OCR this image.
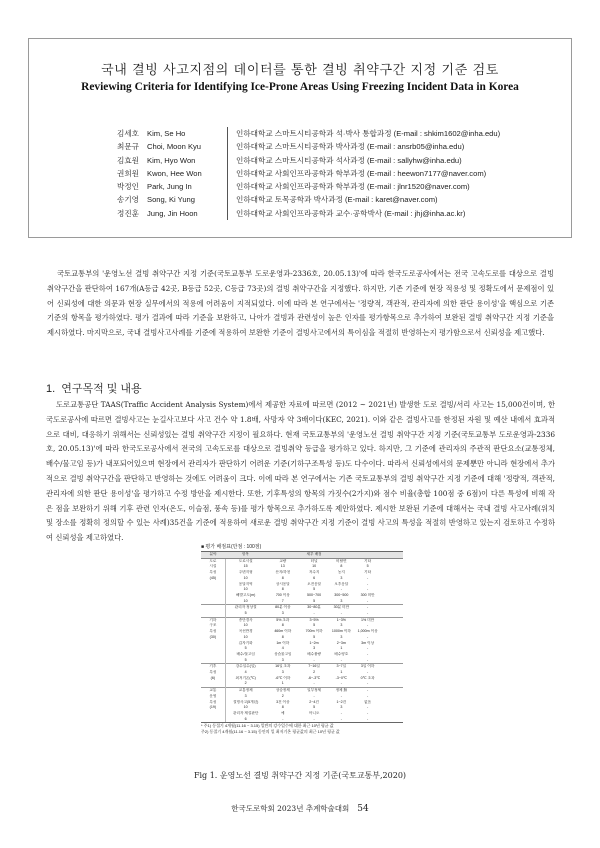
국내 결빙 사고지점의 데이터를 통한 결빙 취약구간 지정 기준 검토
Reviewing Criteria for Identifying Ice-Prone Areas Using Freezing Incident Data in Korea
김세호	Kim, Se Ho	인하대학교 스마트시티공학과 석·박사 통합과정 (E-mail : shkim1602@inha.edu)
최문규	Choi, Moon Kyu	인하대학교 스마트시티공학과 박사과정 (E-mail : ansrb05@inha.edu)
김효원	Kim, Hyo Won	인하대학교 스마트시티공학과 석사과정 (E-mail : sallyhw@inha.edu)
권희원	Kwon, Hee Won	인하대학교 사회인프라공학과 학부과정 (E-mail : heewon7177@naver.com)
박정인	Park, Jung In	인하대학교 사회인프라공학과 학부과정 (E-mail : jlnr1520@naver.com)
송기영	Song, Ki Yung	인하대학교 토목공학과 박사과정 (E-mail : karet@naver.com)
정진훈	Jung, Jin Hoon	인하대학교 사회인프라공학과 교수·공학박사 (E-mail : jhj@inha.ac.kr)

국토교통부의 '운영노선 결빙 취약구간 지정 기준(국토교통부 도로운영과-2336호, 20.05.13)'에 따라 한국도로공사에서는 전국 고속도로를 대상으로 결빙 취약구간을 판단하여 167개(A등급 42곳, B등급 52곳, C등급 73곳)의 결빙 취약구간을 지정했다. 하지만, 기존 기준에 현장 적용성 및 정확도에서 문제점이 있어 신뢰성에 대한 의문과 현장 실무에서의 적용에 어려움이 지적되었다. 이에 따라 본 연구에서는 '정량적, 객관적, 관리자에 의한 판단 용이성'을 핵심으로 기존 기준의 항목을 평가하였다. 평가 결과에 따라 기준을 보완하고, 나아가 결빙과 관련성이 높은 인자를 평가항목으로 추가하여 보완된 결빙 취약구간 지정 기준을 제시하였다. 마지막으로, 국내 결빙사고사례를 기준에 적용하여 보완한 기준이 결빙사고에서의 특이심을 적절히 반영하는지 평가함으로서 신뢰성을 제고했다.

1. 연구목적 및 내용

도로교통공단 TAAS(Traffic Accident Analysis System)에서 제공한 자료에 따르면 (2012 ~ 2021년) 발생한 도로 결빙/서리 사고는 15,000건이며, 한국도로공사에 따르면 결빙사고는 눈길사고보다 사고 건수 약 1.8배, 사망자 약 3배이다(KEC, 2021). 이와 같은 결빙사고를 한정된 자원 및 예산 내에서 효과적으로 대비, 대응하기 위해서는 신뢰성있는 결빙 취약구간 지정이 필요하다. 현재 국토교통부의 '운영노선 결빙 취약구간 지정 기준(국토교통부 도로운영과-2336호, 20.05.13)'에 따라 한국도로공사에서 전국의 고속도로를 대상으로 결빙취약 등급을 평가하고 있다. 하지만, 그 기준에 관리자의 주관적 판단요소(교통정체, 배수/물고임 등)가 내포되어있으며 현장에서 관리자가 판단하기 어려운 기준(기하구조특성 등)도 다수이다. 따라서 신뢰성에서의 문제뿐만 아니라 현장에서 추가적으로 결빙 취약구간을 판단하고 반영하는 것에도 어려움이 크다. 이에 따라 본 연구에서는 기존 국토교통부의 결빙 취약구간 지정 기준에 대해 '정량적, 객관적, 관리자에 의한 판단 용이성'을 평가하고 수정 방안을 제시한다. 또한, 기후특성의 항목의 가짓수(2가지)와 점수 비율(총합 100점 중 6점)이 다른 특성에 비해 작은 점을 보완하기 위해 기후 관련 인자(온도, 이슬점, 풍속 등)를 평가 항목으로 추가하도록 제안하였다. 제시한 보완된 기준에 대해서는 국내 결빙 사고사례(위치 및 장소를 정확히 정의할 수 있는 사례)35건을 기준에 적용하여 새로운 결빙 취약구간 지정 기준이 결빙 사고의 특성을 적절히 반영하고 있는지 검토하고 수정하여 신뢰성을 제고하였다.

■ 평가 배점표(만점 : 100점)
분야	항목		세부 배점			
도로	도로시설	교량	터널	비탈면	기타	
시설	15	13	10	8	5	
특성	주변지형	산지/하천	저수지	농지	기타	
(45)	10	8	6	3	-	
	응달지역	상시응달	오전응달	오후응달	-	
	10	8	5	-	-	
	해발고도(m)	700 이상	500~700	300~500	300 미만	
	10	7	5	3	-	
	관리자 정상결	80분 이상	30~80분	30분 미만	-	
	5	3	-	-	-	
기하	종단경사	5% 초과	3~5%	1~3%	1% 미만	
구조	10	8	5	3	-	
특성	곡선반경	460m 이하	700m 이하	1000m 이하	1,000m 이상	
(30)	10	8	5	3	-	
	갑자기화	1m 이하	1~2m	2~3m	3m 이상	
	5	4	3	1	-	
	배수/물고임	상습물고임	배수불량	배수양호	-	
	5	3	-	-	-	
기후	강수일수(일)	16일 초과	7~16일	3~7일	3일 이하	
특성	4	3	2	1	-	
(6)	최저기온(℃)	-6℃ 이하	-6~-3℃	-3~0℃	0℃ 초과	
	2	1	-	-	-	
교통	교통정체	상습정체	일부정체	정체 無	-	
운영	3	2	-	-	-	
특성	결빙사고(5개년)	3건 이상	2~4건	1~2건	없음	
(19)	10	8	5	3	-	
	관리자 제설판단	예	아니오	-	-	
	6	-	-	-	-	
* 주1) 동절기 4개월(11.16 ~ 3.15) 일반의 강수일수에 대한 최근 10년 평균 값
주2) 동절기 4개월(11.16 ~ 3.15) 동안의 일 최저기온 평균값의 최근 10년 평균 값
Fig 1. 운영노선 결빙 취약구간 지정 기준(국토교통부,2020)
한국도로학회 2023년 추계학술대회 54
